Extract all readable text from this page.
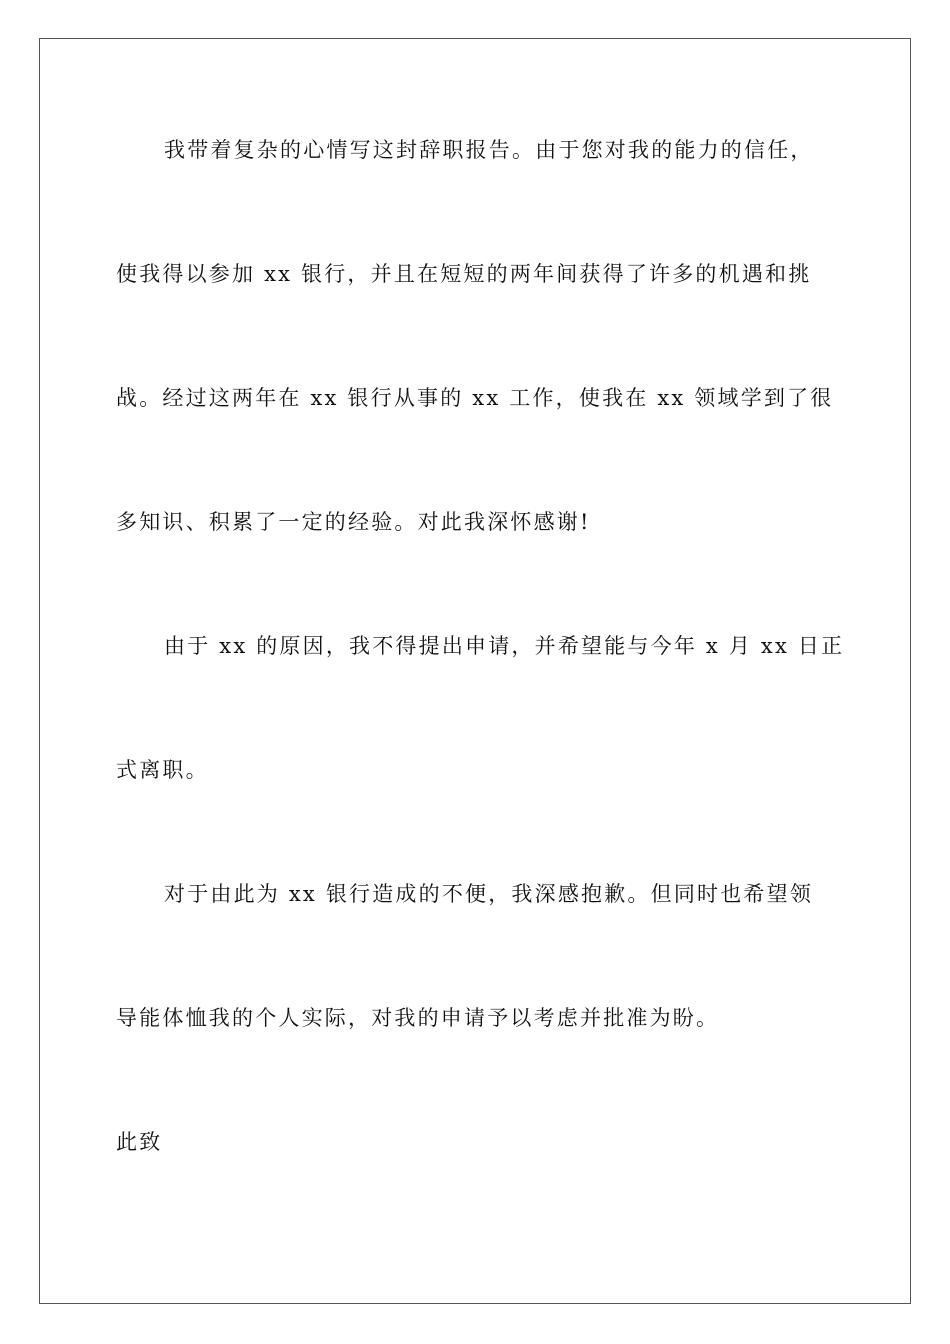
我带着复杂的心情写这封辞职报告。由于您对我的能力的信任，

使我得以参加 xx 银行，并且在短短的两年间获得了许多的机遇和挑

战。经过这两年在 xx 银行从事的 xx 工作，使我在 xx 领域学到了很

多知识、积累了一定的经验。对此我深怀感谢!

由于 xx 的原因，我不得提出申请，并希望能与今年 x 月 xx 日正

式离职。

对于由此为 xx 银行造成的不便，我深感抱歉。但同时也希望领

导能体恤我的个人实际，对我的申请予以考虑并批准为盼。

此致
